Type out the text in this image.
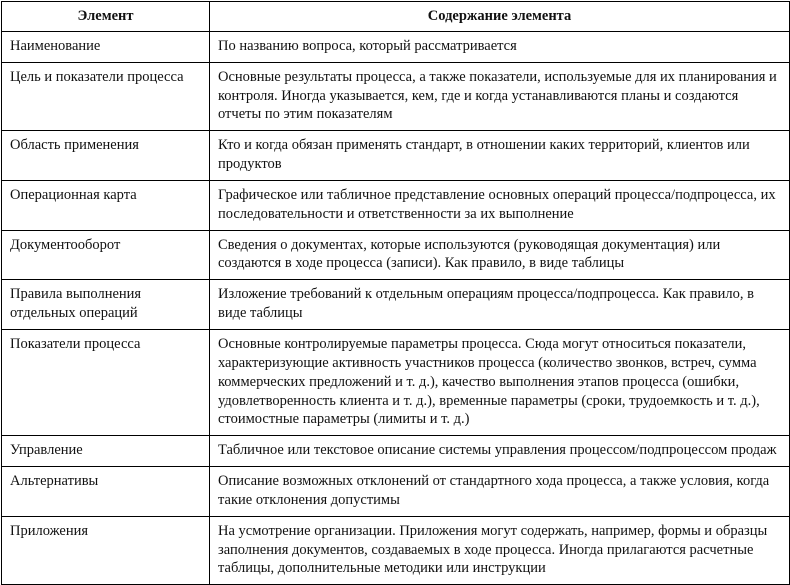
Элемент	Содержание элемента
Наименование	По названию вопроса, который рассматривается
Цель и показатели процесса	Основные результаты процесса, а также показатели, используемые для их планирования и контроля. Иногда указывается, кем, где и когда устанавливаются планы и создаются отчеты по этим показателям
Область применения	Кто и когда обязан применять стандарт, в отношении каких территорий, клиентов или продуктов
Операционная карта	Графическое или табличное представление основных операций процесса/подпроцесса, их последовательности и ответственности за их выполнение
Документооборот	Сведения о документах, которые используются (руководящая документация) или создаются в ходе процесса (записи). Как правило, в виде таблицы
Правила выполнения отдельных операций	Изложение требований к отдельным операциям процесса/подпроцесса. Как правило, в виде таблицы
Показатели процесса	Основные контролируемые параметры процесса. Сюда могут относиться показатели, характеризующие активность участников процесса (количество звонков, встреч, сумма коммерческих предложений и т. д.), качество выполнения этапов процесса (ошибки, удовлетворенность клиента и т. д.), временные параметры (сроки, трудоемкость и т. д.), стоимостные параметры (лимиты и т. д.)
Управление	Табличное или текстовое описание системы управления процессом/подпроцессом продаж
Альтернативы	Описание возможных отклонений от стандартного хода процесса, а также условия, когда такие отклонения допустимы
Приложения	На усмотрение организации. Приложения могут содержать, например, формы и образцы заполнения документов, создаваемых в ходе процесса. Иногда прилагаются расчетные таблицы, дополнительные методики или инструкции
